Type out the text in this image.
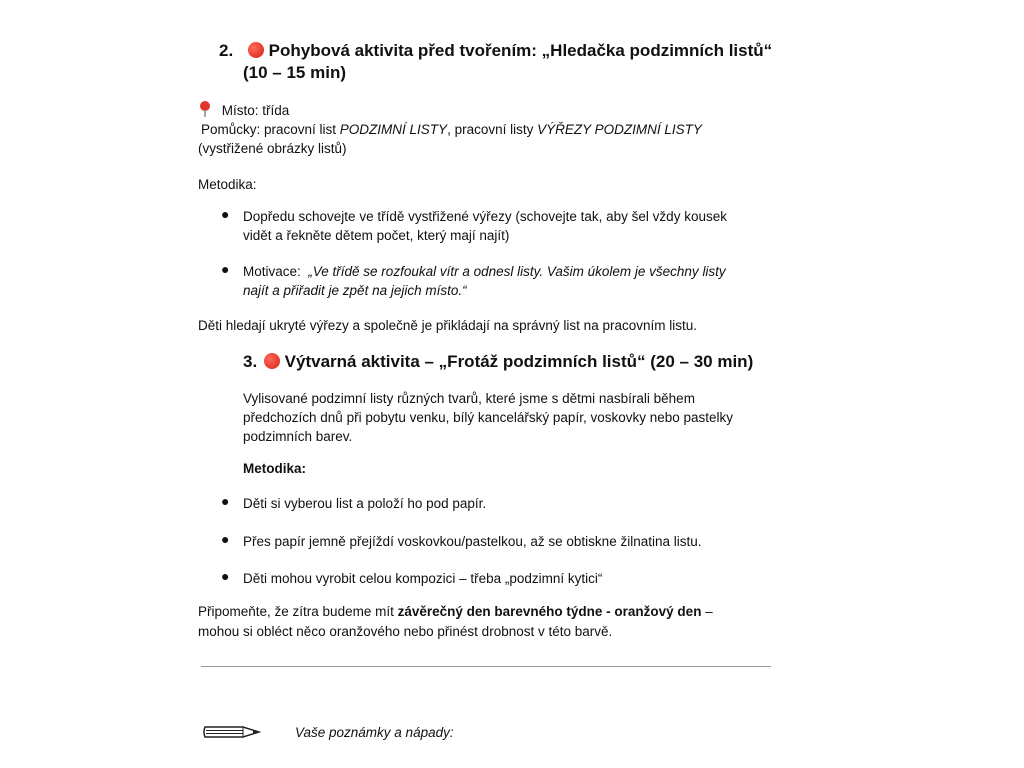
2. Pohybová aktivita před tvořením: „Hledačka podzimních listů“
(10 – 15 min)
Místo: třída
Pomůcky: pracovní list PODZIMNÍ LISTY, pracovní listy VÝŘEZY PODZIMNÍ LISTY
(vystřižené obrázky listů)
Metodika:
● Dopředu schovejte ve třídě vystřižené výřezy (schovejte tak, aby šel vždy kousek
vidět a řekněte dětem počet, který mají najít)
● Motivace:  „Ve třídě se rozfoukal vítr a odnesl listy. Vašim úkolem je všechny listy
najít a přiřadit je zpět na jejich místo.“
Děti hledají ukryté výřezy a společně je přikládají na správný list na pracovním listu.
3. Výtvarná aktivita – „Frotáž podzimních listů“ (20 – 30 min)
Vylisované podzimní listy různých tvarů, které jsme s dětmi nasbírali během
předchozích dnů při pobytu venku, bílý kancelářský papír, voskovky nebo pastelky
podzimních barev.
Metodika:
● Děti si vyberou list a položí ho pod papír.
● Přes papír jemně přejíždí voskovkou/pastelkou, až se obtiskne žilnatina listu.
● Děti mohou vyrobit celou kompozici – třeba „podzimní kytici“
Připomeňte, že zítra budeme mít závěrečný den barevného týdne - oranžový den –
mohou si obléct něco oranžového nebo přinést drobnost v této barvě.
Vaše poznámky a nápady:
